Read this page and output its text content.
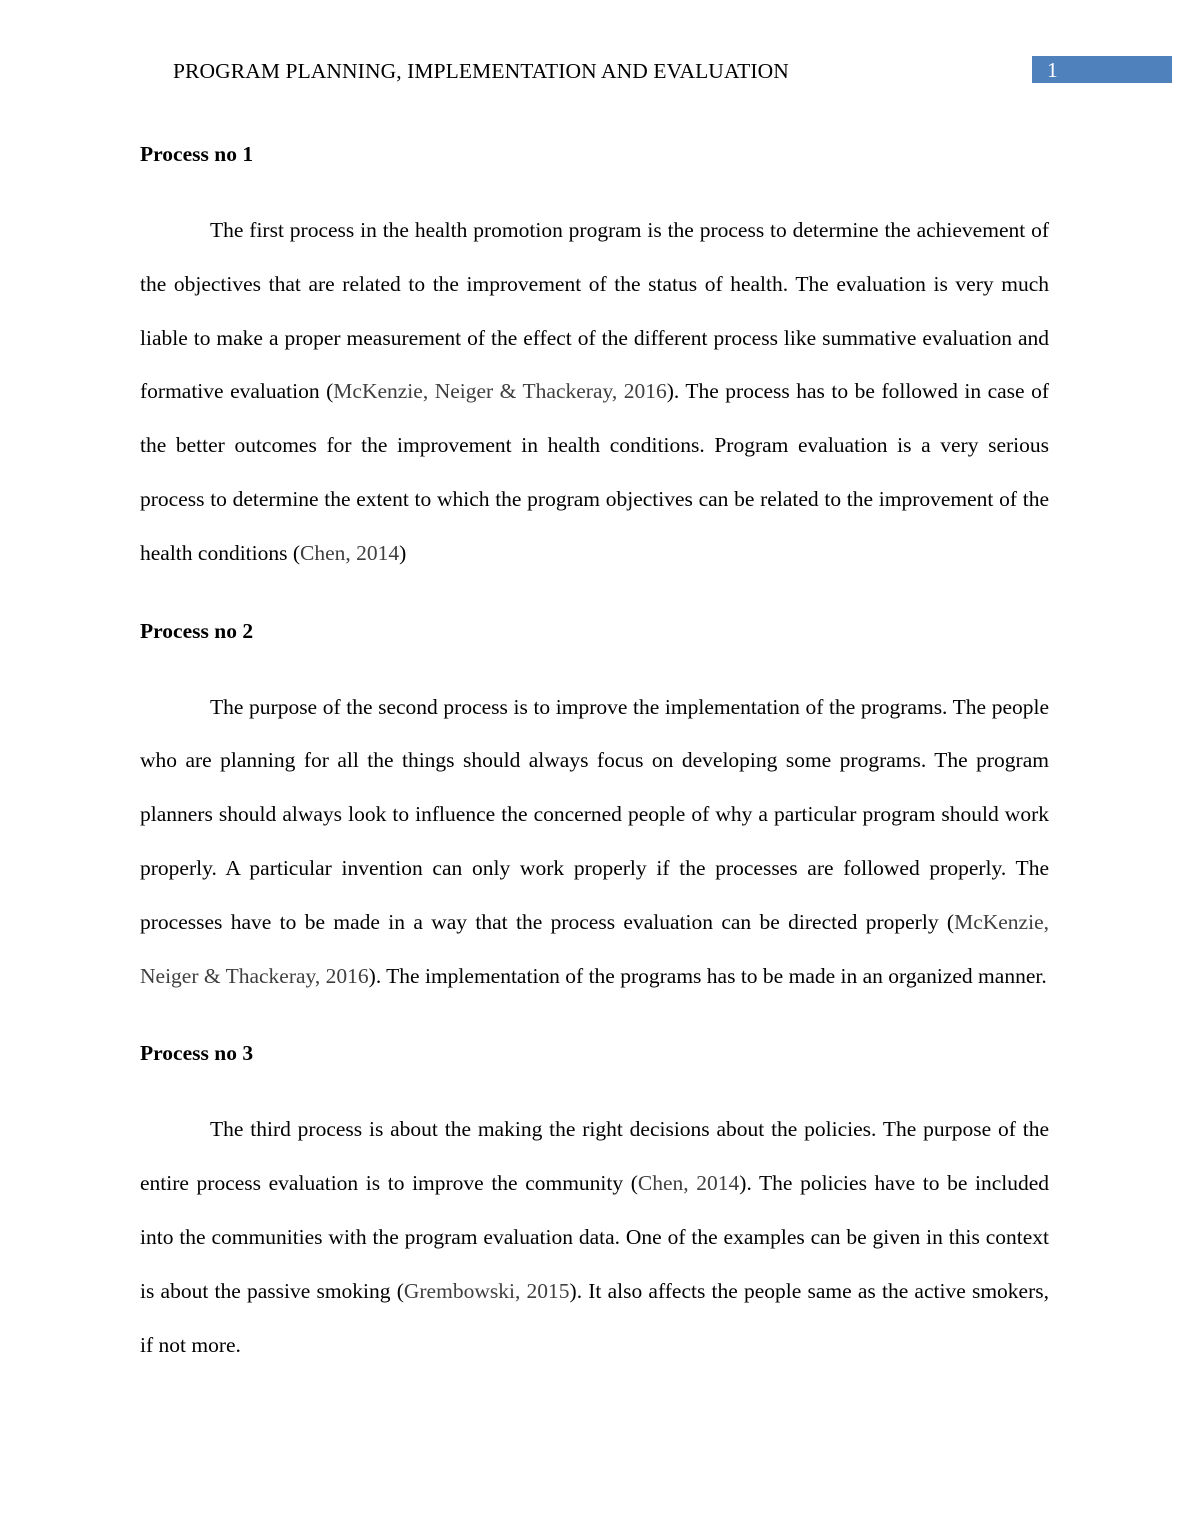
PROGRAM PLANNING, IMPLEMENTATION AND EVALUATION	1
Process no 1

The first process in the health promotion program is the process to determine the achievement of the objectives that are related to the improvement of the status of health. The evaluation is very much liable to make a proper measurement of the effect of the different process like summative evaluation and formative evaluation (McKenzie, Neiger & Thackeray, 2016). The process has to be followed in case of the better outcomes for the improvement in health conditions. Program evaluation is a very serious process to determine the extent to which the program objectives can be related to the improvement of the health conditions (Chen, 2014)

Process no 2

The purpose of the second process is to improve the implementation of the programs. The people who are planning for all the things should always focus on developing some programs. The program planners should always look to influence the concerned people of why a particular program should work properly. A particular invention can only work properly if the processes are followed properly. The processes have to be made in a way that the process evaluation can be directed properly (McKenzie, Neiger & Thackeray, 2016). The implementation of the programs has to be made in an organized manner.

Process no 3

The third process is about the making the right decisions about the policies. The purpose of the entire process evaluation is to improve the community (Chen, 2014). The policies have to be included into the communities with the program evaluation data. One of the examples can be given in this context is about the passive smoking (Grembowski, 2015). It also affects the people same as the active smokers, if not more.
